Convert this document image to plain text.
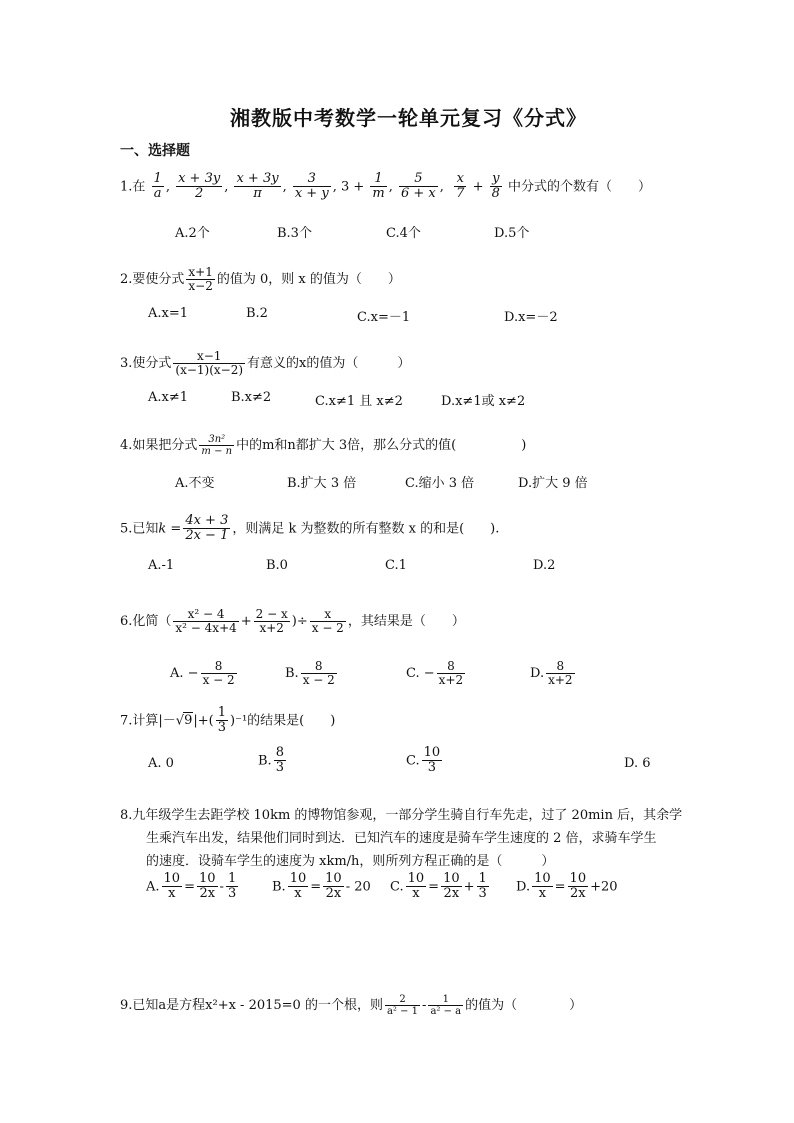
湘教版中考数学一轮单元复习《分式》
一、选择题
1.在 $\frac{1}{a}$ , $\frac{x + 3y}{2}$ , $\frac{x + 3y}{\pi}$ , $\frac{3}{x + y}$ , $3 + \frac{1}{m}$ , $\frac{5}{6 + x}$ , $\frac{x}{7} + \frac{y}{8}$ 中分式的个数有（　　）
A.2个	B.3个	C.4个	D.5个
2.要使分式 $\frac{x+1}{x-2}$ 的值为 0，则 x 的值为（　　）
A.x=1	B.2	C.x=－1	D.x=－2
3.使分式 $\frac{x-1}{(x-1)(x-2)}$ 有意义的x的值为（　　　）
A.x≠1	B.x≠2	C.x≠1 且 x≠2	D.x≠1或 x≠2
4.如果把分式 $\frac{\text{3n²}}{m - n}$ 中的m和n都扩大 3倍，那么分式的值(　　　　　)
A.不变	B.扩大 3 倍	C.缩小 3 倍	D.扩大 9 倍
5.已知$k = \frac{4x + 3}{2x - 1}$ ，则满足 k 为整数的所有整数 x 的和是(　　).
A.-1	B.0	C.1	D.2
6.化简（ $\frac{\text{x² − 4}}{\text{x² − 4x+4}} + \frac{2 - x}{x+2}$ )÷ $\frac{x}{x - 2}$ ，其结果是（　　）
A. − $\frac{8}{x - 2}$	B. $\frac{8}{x - 2}$	C. − $\frac{8}{x+2}$	D. $\frac{8}{x+2}$
7.计算$|-√9|+( \frac{1}{3} )^{-1}$的结果是(　　)
A. 0	B. $\frac{8}{3}$	C. $\frac{10}{3}$	D. 6
8.九年级学生去距学校 10km 的博物馆参观，一部分学生骑自行车先走，过了 20min 后，其余学
生乘汽车出发，结果他们同时到达．已知汽车的速度是骑车学生速度的 2 倍，求骑车学生
的速度．设骑车学生的速度为 xkm/h，则所列方程正确的是（　　　）
A. $\frac{10}{x} = \frac{10}{2x} - \frac{1}{3}$	B. $\frac{10}{x} = \frac{10}{2x} - 20$ C. $\frac{10}{x} = \frac{10}{2x} + \frac{1}{3} D$. $\frac{10}{x} = \frac{10}{2x} +20$
9.已知a是方程x²+x - 2015=0 的一个根，则 $\frac{2}{\text{a² − 1}} - \frac{1}{\text{a² − a}}$ 的值为（　　　　）
